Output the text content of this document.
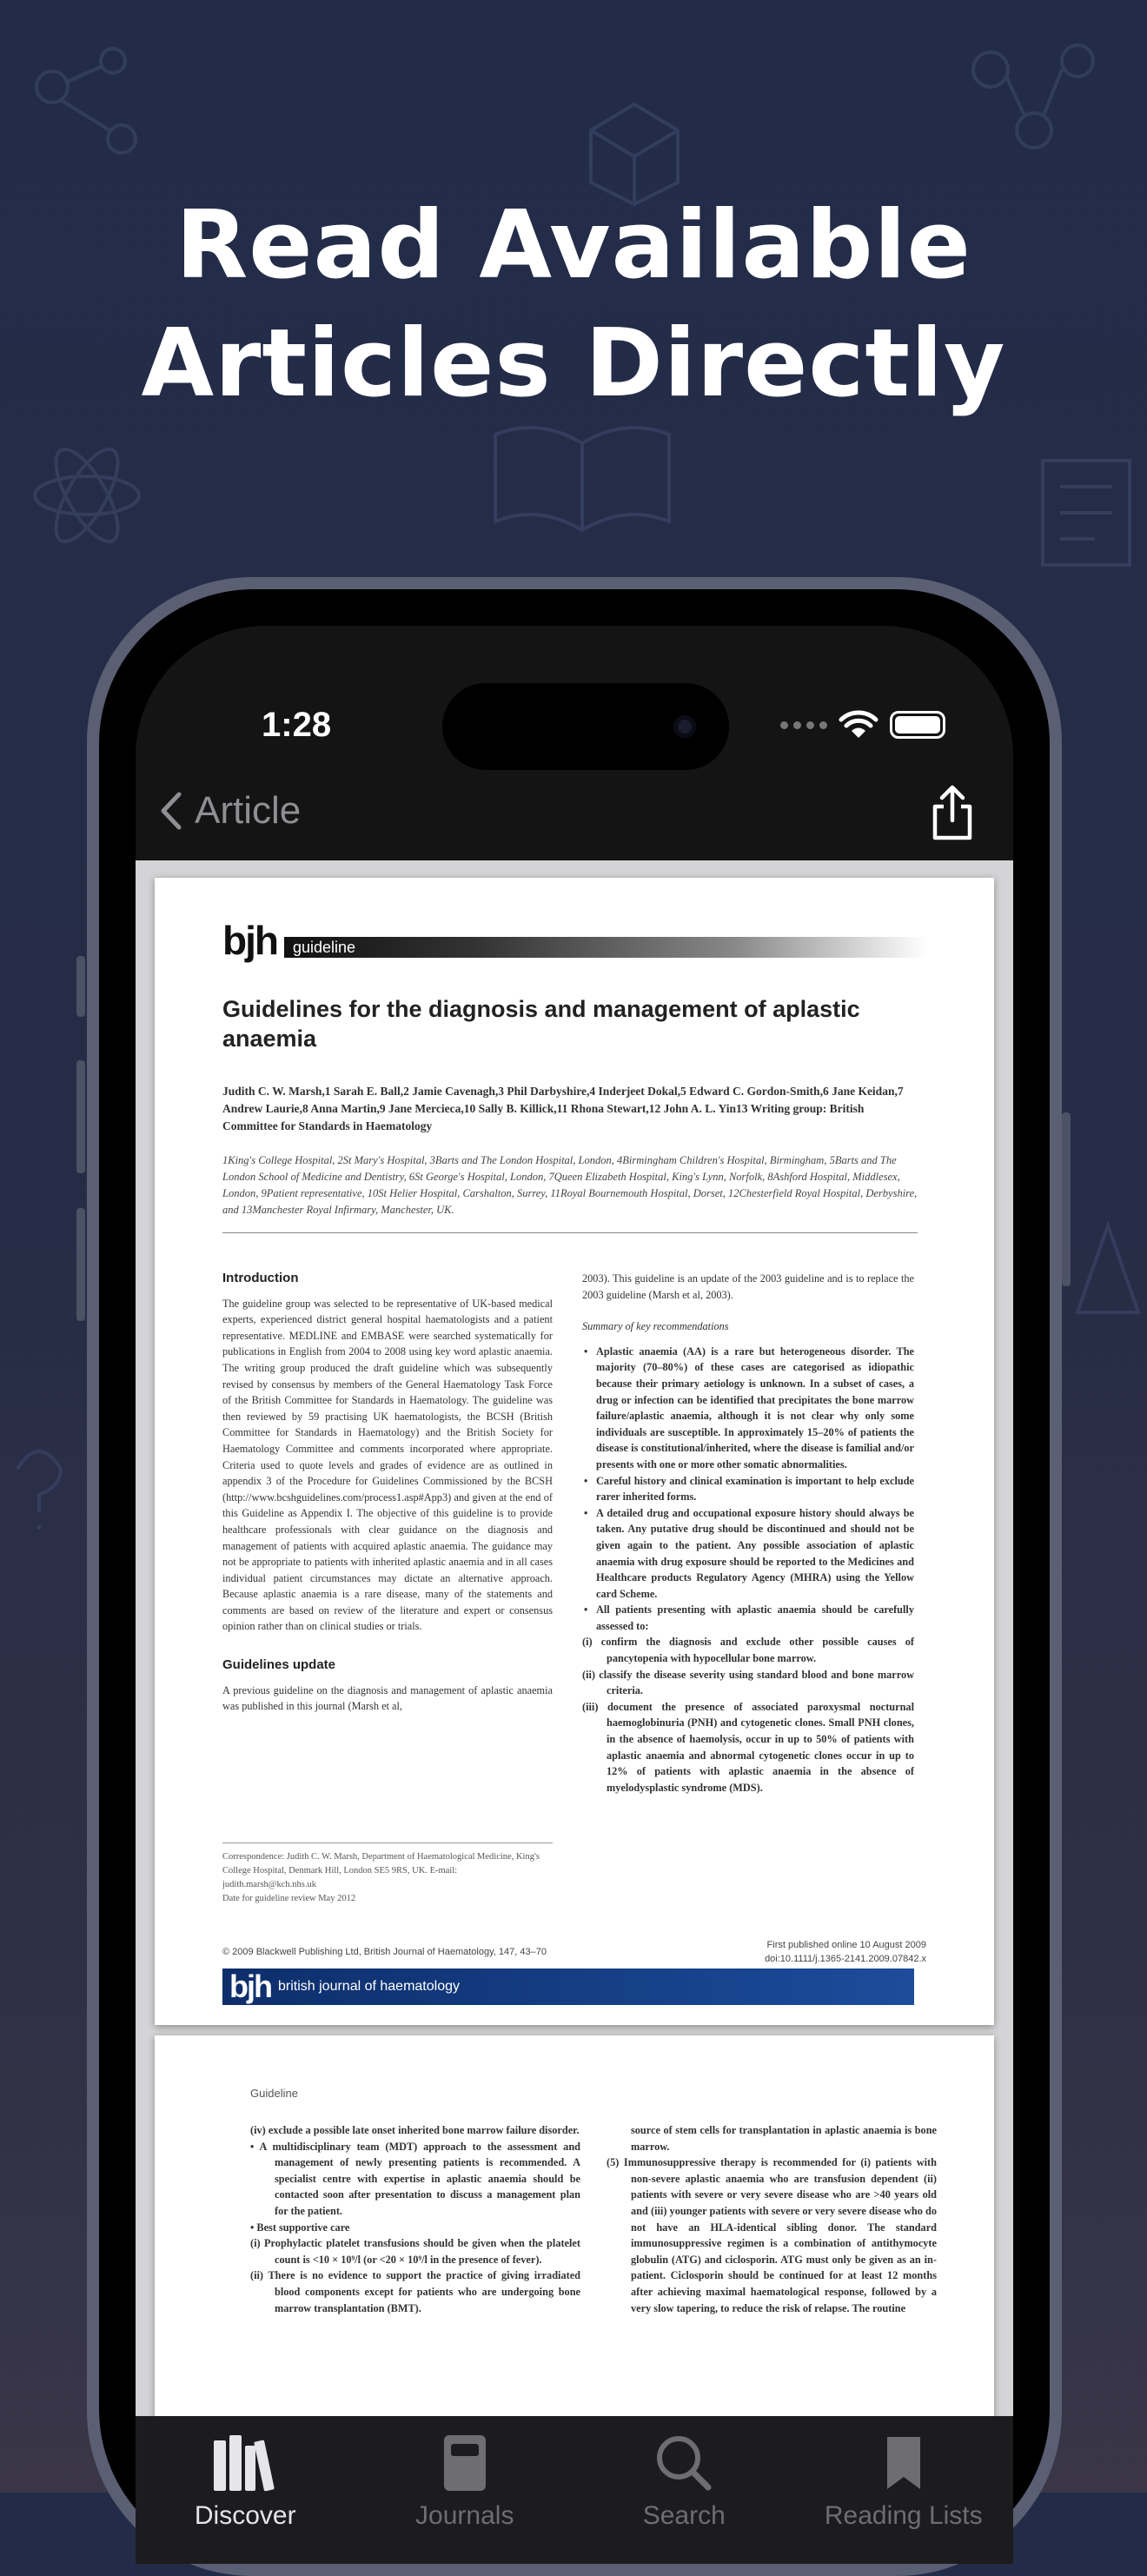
Read Available
Articles Directly
1:28
Article
bjh	guideline
Guidelines for the diagnosis and management of aplastic anaemia
Judith C. W. Marsh,1 Sarah E. Ball,2 Jamie Cavenagh,3 Phil Darbyshire,4 Inderjeet Dokal,5 Edward C. Gordon-Smith,6 Jane Keidan,7 Andrew Laurie,8 Anna Martin,9 Jane Mercieca,10 Sally B. Killick,11 Rhona Stewart,12 John A. L. Yin13 Writing group: British Committee for Standards in Haematology
1King's College Hospital, 2St Mary's Hospital, 3Barts and The London Hospital, London, 4Birmingham Children's Hospital, Birmingham, 5Barts and The London School of Medicine and Dentistry, 6St George's Hospital, London, 7Queen Elizabeth Hospital, King's Lynn, Norfolk, 8Ashford Hospital, Middlesex, London, 9Patient representative, 10St Helier Hospital, Carshalton, Surrey, 11Royal Bournemouth Hospital, Dorset, 12Chesterfield Royal Hospital, Derbyshire, and 13Manchester Royal Infirmary, Manchester, UK.
Introduction

The guideline group was selected to be representative of UK-based medical experts, experienced district general hospital haematologists and a patient representative. MEDLINE and EMBASE were searched systematically for publications in English from 2004 to 2008 using key word aplastic anaemia. The writing group produced the draft guideline which was subsequently revised by consensus by members of the General Haematology Task Force of the British Committee for Standards in Haematology. The guideline was then reviewed by 59 practising UK haematologists, the BCSH (British Committee for Standards in Haematology) and the British Society for Haematology Committee and comments incorporated where appropriate. Criteria used to quote levels and grades of evidence are as outlined in appendix 3 of the Procedure for Guidelines Commissioned by the BCSH (http://www.bcshguidelines.com/process1.asp#App3) and given at the end of this Guideline as Appendix I. The objective of this guideline is to provide healthcare professionals with clear guidance on the diagnosis and management of patients with acquired aplastic anaemia. The guidance may not be appropriate to patients with inherited aplastic anaemia and in all cases individual patient circumstances may dictate an alternative approach. Because aplastic anaemia is a rare disease, many of the statements and comments are based on review of the literature and expert or consensus opinion rather than on clinical studies or trials.

Guidelines update

A previous guideline on the diagnosis and management of aplastic anaemia was published in this journal (Marsh et al,

2003). This guideline is an update of the 2003 guideline and is to replace the 2003 guideline (Marsh et al, 2003).

Summary of key recommendations

• Aplastic anaemia (AA) is a rare but heterogeneous disorder. The majority (70–80%) of these cases are categorised as idiopathic because their primary aetiology is unknown. In a subset of cases, a drug or infection can be identified that precipitates the bone marrow failure/aplastic anaemia, although it is not clear why only some individuals are susceptible. In approximately 15–20% of patients the disease is constitutional/inherited, where the disease is familial and/or presents with one or more other somatic abnormalities.
• Careful history and clinical examination is important to help exclude rarer inherited forms.
• A detailed drug and occupational exposure history should always be taken. Any putative drug should be discontinued and should not be given again to the patient. Any possible association of aplastic anaemia with drug exposure should be reported to the Medicines and Healthcare products Regulatory Agency (MHRA) using the Yellow card Scheme.
• All patients presenting with aplastic anaemia should be carefully assessed to:

(i) confirm the diagnosis and exclude other possible causes of pancytopenia with hypocellular bone marrow.

(ii) classify the disease severity using standard blood and bone marrow criteria.

(iii) document the presence of associated paroxysmal nocturnal haemoglobinuria (PNH) and cytogenetic clones. Small PNH clones, in the absence of haemolysis, occur in up to 50% of patients with aplastic anaemia and abnormal cytogenetic clones occur in up to 12% of patients with aplastic anaemia in the absence of myelodysplastic syndrome (MDS).

Correspondence: Judith C. W. Marsh, Department of Haematological Medicine, King's College Hospital, Denmark Hill, London SE5 9RS, UK. E-mail: judith.marsh@kch.nhs.uk
Date for guideline review May 2012
© 2009 Blackwell Publishing Ltd, British Journal of Haematology, 147, 43–70
First published online 10 August 2009
doi:10.1111/j.1365-2141.2009.07842.x
bjh british journal of haematology
Guideline

(iv) exclude a possible late onset inherited bone marrow failure disorder.

• A multidisciplinary team (MDT) approach to the assessment and management of newly presenting patients is recommended. A specialist centre with expertise in aplastic anaemia should be contacted soon after presentation to discuss a management plan for the patient.

• Best supportive care

(i) Prophylactic platelet transfusions should be given when the platelet count is <10 × 10⁹/l (or <20 × 10⁹/l in the presence of fever).

(ii) There is no evidence to support the practice of giving irradiated blood components except for patients who are undergoing bone marrow transplantation (BMT).

source of stem cells for transplantation in aplastic anaemia is bone marrow.

(5) Immunosuppressive therapy is recommended for (i) patients with non-severe aplastic anaemia who are transfusion dependent (ii) patients with severe or very severe disease who are >40 years old and (iii) younger patients with severe or very severe disease who do not have an HLA-identical sibling donor. The standard immunosuppressive regimen is a combination of antithymocyte globulin (ATG) and ciclosporin. ATG must only be given as an in-patient. Ciclosporin should be continued for at least 12 months after achieving maximal haematological response, followed by a very slow tapering, to reduce the risk of relapse. The routine

Discover	Journals	Search	Reading Lists
